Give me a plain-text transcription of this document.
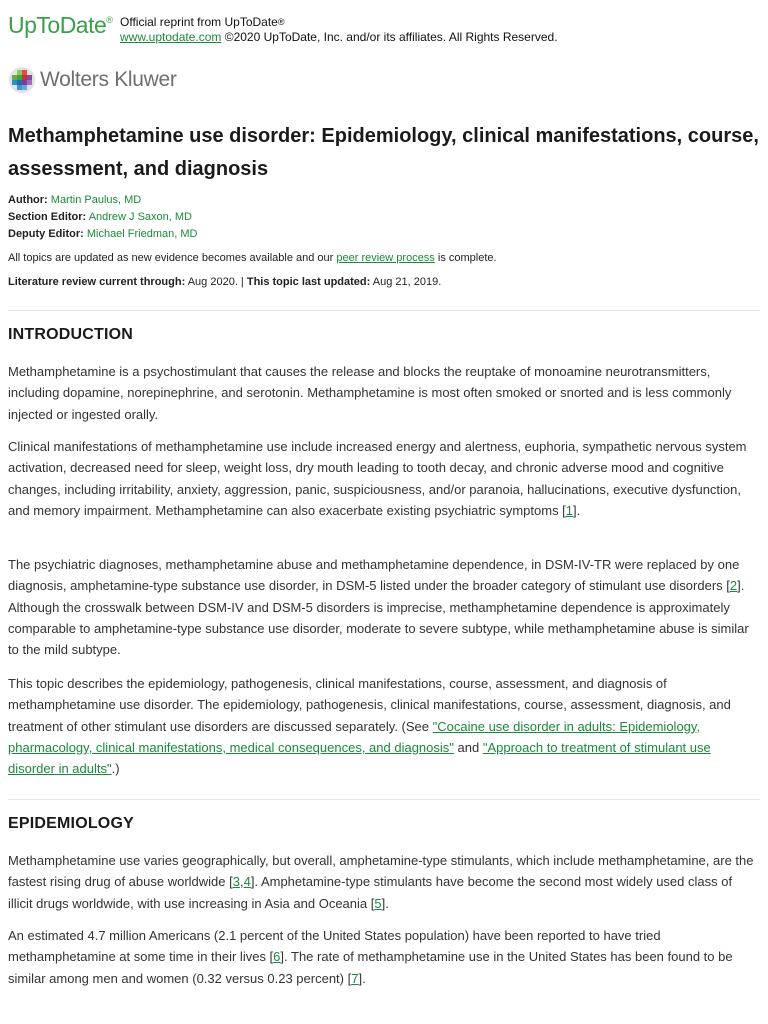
UpToDate® Official reprint from UpToDate®
www.uptodate.com ©2020 UpToDate, Inc. and/or its affiliates. All Rights Reserved.
Wolters Kluwer
Methamphetamine use disorder: Epidemiology, clinical manifestations, course, assessment, and diagnosis
Author: Martin Paulus, MD
Section Editor: Andrew J Saxon, MD
Deputy Editor: Michael Friedman, MD
All topics are updated as new evidence becomes available and our peer review process is complete.
Literature review current through: Aug 2020. | This topic last updated: Aug 21, 2019.
INTRODUCTION

Methamphetamine is a psychostimulant that causes the release and blocks the reuptake of monoamine neurotransmitters, including dopamine, norepinephrine, and serotonin. Methamphetamine is most often smoked or snorted and is less commonly injected or ingested orally.

Clinical manifestations of methamphetamine use include increased energy and alertness, euphoria, sympathetic nervous system activation, decreased need for sleep, weight loss, dry mouth leading to tooth decay, and chronic adverse mood and cognitive changes, including irritability, anxiety, aggression, panic, suspiciousness, and/or paranoia, hallucinations, executive dysfunction, and memory impairment. Methamphetamine can also exacerbate existing psychiatric symptoms [1].

The psychiatric diagnoses, methamphetamine abuse and methamphetamine dependence, in DSM-IV-TR were replaced by one diagnosis, amphetamine-type substance use disorder, in DSM-5 listed under the broader category of stimulant use disorders [2]. Although the crosswalk between DSM-IV and DSM-5 disorders is imprecise, methamphetamine dependence is approximately comparable to amphetamine-type substance use disorder, moderate to severe subtype, while methamphetamine abuse is similar to the mild subtype.

This topic describes the epidemiology, pathogenesis, clinical manifestations, course, assessment, and diagnosis of methamphetamine use disorder. The epidemiology, pathogenesis, clinical manifestations, course, assessment, diagnosis, and treatment of other stimulant use disorders are discussed separately. (See "Cocaine use disorder in adults: Epidemiology, pharmacology, clinical manifestations, medical consequences, and diagnosis" and "Approach to treatment of stimulant use disorder in adults".)

EPIDEMIOLOGY

Methamphetamine use varies geographically, but overall, amphetamine-type stimulants, which include methamphetamine, are the fastest rising drug of abuse worldwide [3,4]. Amphetamine-type stimulants have become the second most widely used class of illicit drugs worldwide, with use increasing in Asia and Oceania [5].

An estimated 4.7 million Americans (2.1 percent of the United States population) have been reported to have tried methamphetamine at some time in their lives [6]. The rate of methamphetamine use in the United States has been found to be similar among men and women (0.32 versus 0.23 percent) [7].
